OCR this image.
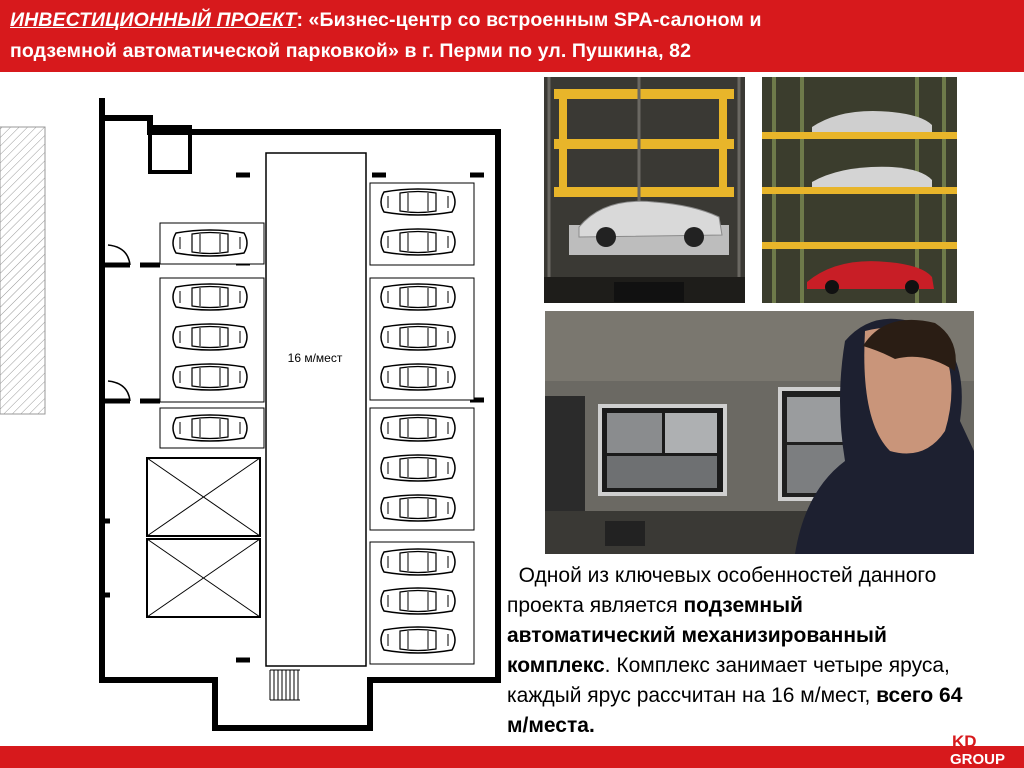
ИНВЕСТИЦИОННЫЙ ПРОЕКТ: «Бизнес-центр со встроенным SPA-салоном и
подземной автоматической парковкой» в г. Перми по ул. Пушкина, 82
16 м/мест

Одной из ключевых особенностей данного проекта является подземный автоматический механизированный комплекс. Комплекс занимает четыре яруса, каждый ярус рассчитан на 16 м/мест, всего 64 м/места.

KD
GROUP
